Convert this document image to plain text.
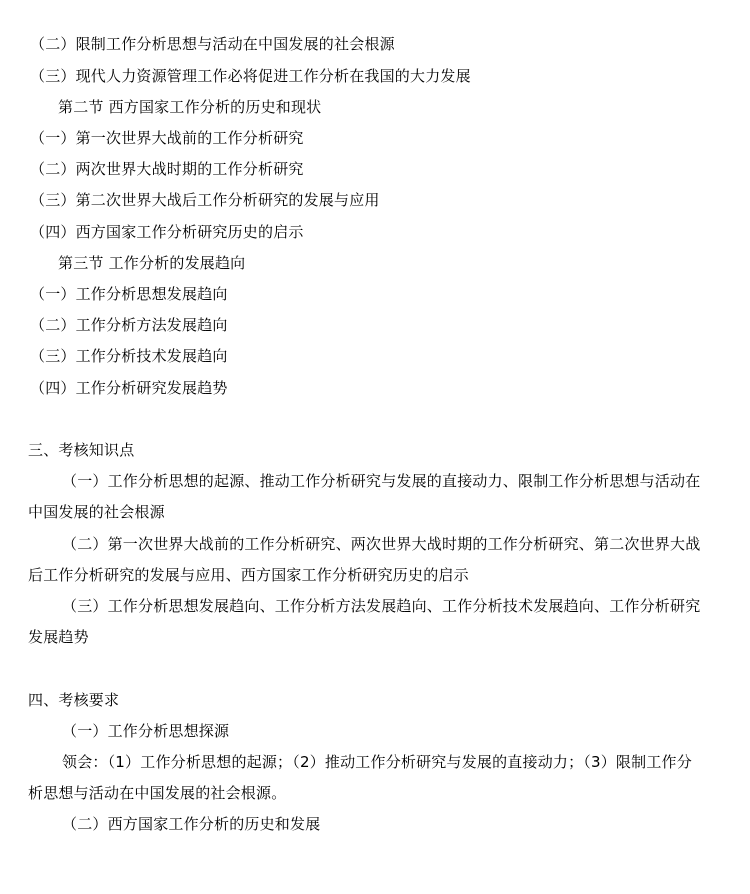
（二）限制工作分析思想与活动在中国发展的社会根源
（三）现代人力资源管理工作必将促进工作分析在我国的大力发展
第二节 西方国家工作分析的历史和现状
（一）第一次世界大战前的工作分析研究
（二）两次世界大战时期的工作分析研究
（三）第二次世界大战后工作分析研究的发展与应用
（四）西方国家工作分析研究历史的启示
第三节 工作分析的发展趋向
（一）工作分析思想发展趋向
（二）工作分析方法发展趋向
（三）工作分析技术发展趋向
（四）工作分析研究发展趋势
三、考核知识点
（一）工作分析思想的起源、推动工作分析研究与发展的直接动力、限制工作分析思想与活动在
中国发展的社会根源
（二）第一次世界大战前的工作分析研究、两次世界大战时期的工作分析研究、第二次世界大战
后工作分析研究的发展与应用、西方国家工作分析研究历史的启示
（三）工作分析思想发展趋向、工作分析方法发展趋向、工作分析技术发展趋向、工作分析研究
发展趋势
四、考核要求
（一）工作分析思想探源
领会：（1）工作分析思想的起源；（2）推动工作分析研究与发展的直接动力；（3）限制工作分
析思想与活动在中国发展的社会根源。
（二）西方国家工作分析的历史和发展
